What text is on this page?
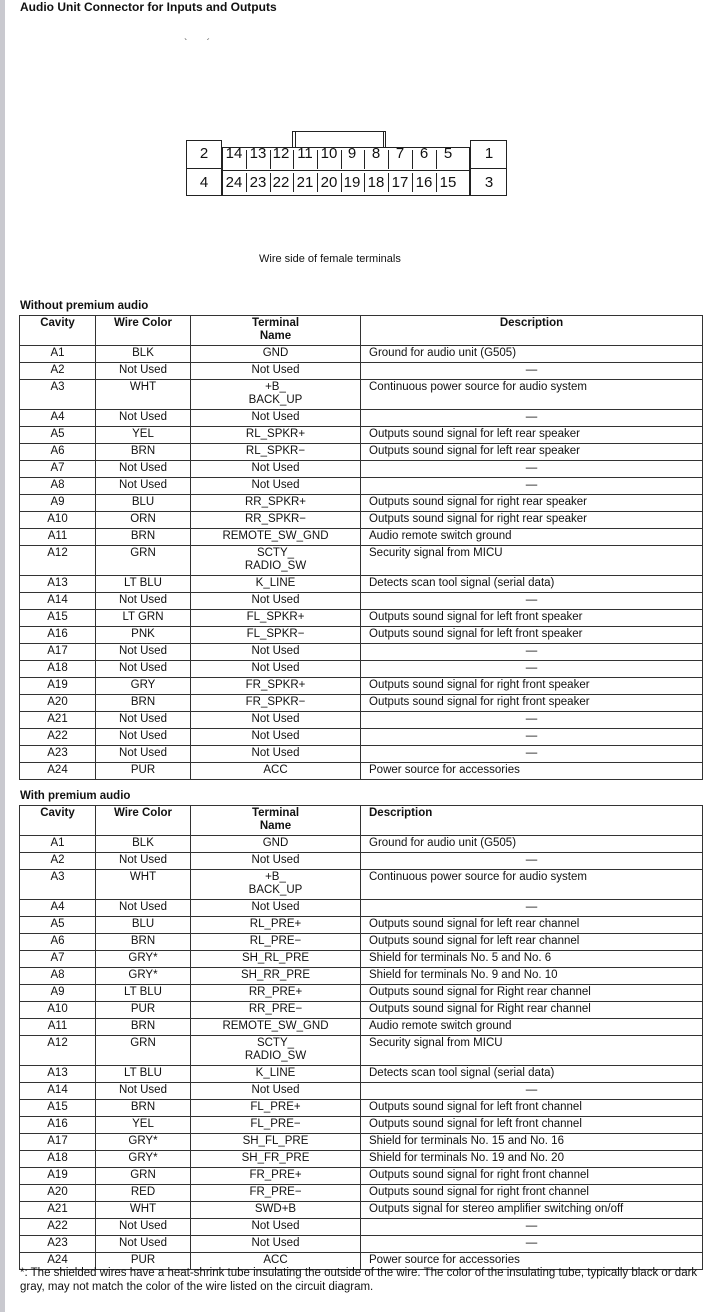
Audio Unit Connector for Inputs and Outputs
`       ´
2	14 13 12 11 10 9	8	7	6	5	1
4	24 23 22 21 20 19 18 17 16 15	3
Wire side of female terminals
Without premium audio
Cavity	Wire Color	Terminal
Name	Description
A1	BLK	GND	Ground for audio unit (G505)
A2	Not Used	Not Used	—
A3	WHT	+B_
BACK_UP	Continuous power source for audio system
A4	Not Used	Not Used	—
A5	YEL	RL_SPKR+	Outputs sound signal for left rear speaker
A6	BRN	RL_SPKR−	Outputs sound signal for left rear speaker
A7	Not Used	Not Used	—
A8	Not Used	Not Used	—
A9	BLU	RR_SPKR+	Outputs sound signal for right rear speaker
A10	ORN	RR_SPKR−	Outputs sound signal for right rear speaker
A11	BRN	REMOTE_SW_GND	Audio remote switch ground
A12	GRN	SCTY_
RADIO_SW	Security signal from MICU
A13	LT BLU	K_LINE	Detects scan tool signal (serial data)
A14	Not Used	Not Used	—
A15	LT GRN	FL_SPKR+	Outputs sound signal for left front speaker
A16	PNK	FL_SPKR−	Outputs sound signal for left front speaker
A17	Not Used	Not Used	—
A18	Not Used	Not Used	—
A19	GRY	FR_SPKR+	Outputs sound signal for right front speaker
A20	BRN	FR_SPKR−	Outputs sound signal for right front speaker
A21	Not Used	Not Used	—
A22	Not Used	Not Used	—
A23	Not Used	Not Used	—
A24	PUR	ACC	Power source for accessories
With premium audio
Cavity	Wire Color	Terminal
Name	Description
A1	BLK	GND	Ground for audio unit (G505)
A2	Not Used	Not Used	—
A3	WHT	+B_
BACK_UP	Continuous power source for audio system
A4	Not Used	Not Used	—
A5	BLU	RL_PRE+	Outputs sound signal for left rear channel
A6	BRN	RL_PRE−	Outputs sound signal for left rear channel
A7	GRY*	SH_RL_PRE	Shield for terminals No. 5 and No. 6
A8	GRY*	SH_RR_PRE	Shield for terminals No. 9 and No. 10
A9	LT BLU	RR_PRE+	Outputs sound signal for Right rear channel
A10	PUR	RR_PRE−	Outputs sound signal for Right rear channel
A11	BRN	REMOTE_SW_GND	Audio remote switch ground
A12	GRN	SCTY_
RADIO_SW	Security signal from MICU
A13	LT BLU	K_LINE	Detects scan tool signal (serial data)
A14	Not Used	Not Used	—
A15	BRN	FL_PRE+	Outputs sound signal for left front channel
A16	YEL	FL_PRE−	Outputs sound signal for left front channel
A17	GRY*	SH_FL_PRE	Shield for terminals No. 15 and No. 16
A18	GRY*	SH_FR_PRE	Shield for terminals No. 19 and No. 20
A19	GRN	FR_PRE+	Outputs sound signal for right front channel
A20	RED	FR_PRE−	Outputs sound signal for right front channel
A21	WHT	SWD+B	Outputs signal for stereo amplifier switching on/off
A22	Not Used	Not Used	—
A23	Not Used	Not Used	—
A24	PUR	ACC	Power source for accessories
*: The shielded wires have a heat-shrink tube insulating the outside of the wire. The color of the insulating tube, typically black or dark gray, may not match the color of the wire listed on the circuit diagram.
